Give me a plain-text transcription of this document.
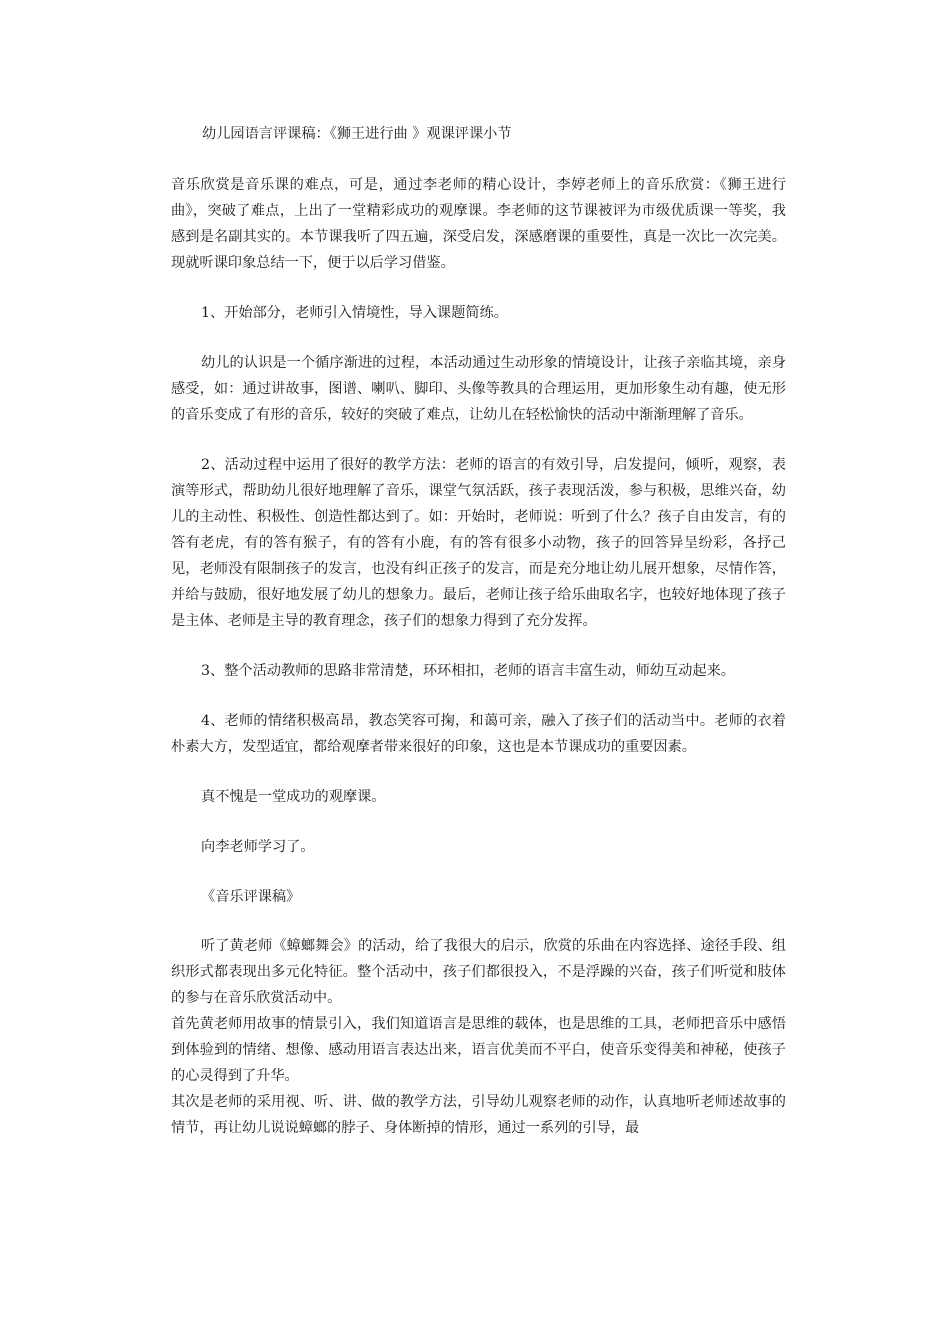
幼儿园语言评课稿：《狮王进行曲 》观课评课小节

音乐欣赏是音乐课的难点，可是，通过李老师的精心设计，李婷老师上的音乐欣赏：《狮王进行曲》，突破了难点，上出了一堂精彩成功的观摩课。李老师的这节课被评为市级优质课一等奖，我感到是名副其实的。本节课我听了四五遍，深受启发，深感磨课的重要性，真是一次比一次完美。现就听课印象总结一下，便于以后学习借鉴。

1、开始部分，老师引入情境性，导入课题简练。

幼儿的认识是一个循序渐进的过程，本活动通过生动形象的情境设计，让孩子亲临其境，亲身感受，如：通过讲故事，图谱、喇叭、脚印、头像等教具的合理运用，更加形象生动有趣，使无形的音乐变成了有形的音乐，较好的突破了难点，让幼儿在轻松愉快的活动中渐渐理解了音乐。

2、活动过程中运用了很好的教学方法：老师的语言的有效引导，启发提问，倾听，观察，表演等形式，帮助幼儿很好地理解了音乐，课堂气氛活跃，孩子表现活泼，参与积极，思维兴奋，幼儿的主动性、积极性、创造性都达到了。如：开始时，老师说：听到了什么？孩子自由发言，有的答有老虎，有的答有猴子，有的答有小鹿，有的答有很多小动物，孩子的回答异呈纷彩，各抒己见，老师没有限制孩子的发言，也没有纠正孩子的发言，而是充分地让幼儿展开想象，尽情作答，并给与鼓励，很好地发展了幼儿的想象力。最后，老师让孩子给乐曲取名字，也较好地体现了孩子是主体、老师是主导的教育理念，孩子们的想象力得到了充分发挥。

3、整个活动教师的思路非常清楚，环环相扣，老师的语言丰富生动，师幼互动起来。

4、老师的情绪积极高昂，教态笑容可掬，和蔼可亲，融入了孩子们的活动当中。老师的衣着朴素大方，发型适宜，都给观摩者带来很好的印象，这也是本节课成功的重要因素。

真不愧是一堂成功的观摩课。

向李老师学习了。

《音乐评课稿》

听了黄老师《蟑螂舞会》的活动，给了我很大的启示，欣赏的乐曲在内容选择、途径手段、组织形式都表现出多元化特征。整个活动中，孩子们都很投入，不是浮躁的兴奋，孩子们听觉和肢体的参与在音乐欣赏活动中。

首先黄老师用故事的情景引入，我们知道语言是思维的载体，也是思维的工具，老师把音乐中感悟到体验到的情绪、想像、感动用语言表达出来，语言优美而不平白，使音乐变得美和神秘，使孩子的心灵得到了升华。

其次是老师的采用视、听、讲、做的教学方法，引导幼儿观察老师的动作，认真地听老师述故事的情节，再让幼儿说说蟑螂的脖子、身体断掉的情形，通过一系列的引导，最
